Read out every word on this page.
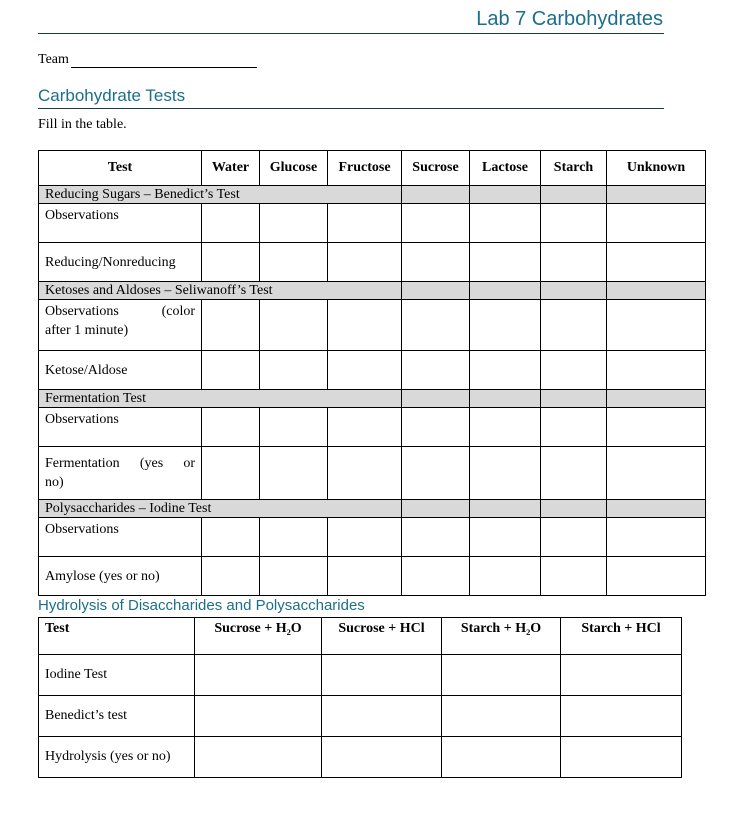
Lab 7 Carbohydrates
Team
Carbohydrate Tests
Fill in the table.
Test	Water	Glucose	Fructose	Sucrose	Lactose	Starch	Unknown
Reducing Sugars – Benedict’s Test							
Observations							
Reducing/Nonreducing							
Ketoses and Aldoses – Seliwanoff’s Test							

Observations (color
after 1 minute)							
Ketose/Aldose							
Fermentation Test							
Observations							

Fermentation (yes or
no)							
Polysaccharides – Iodine Test							
Observations							
Amylose (yes or no)							
Hydrolysis of Disaccharides and Polysaccharides
Test	Sucrose + H₂O	Sucrose + HCl	Starch + H₂O	Starch + HCl
Iodine Test				
Benedict’s test				
Hydrolysis (yes or no)				
